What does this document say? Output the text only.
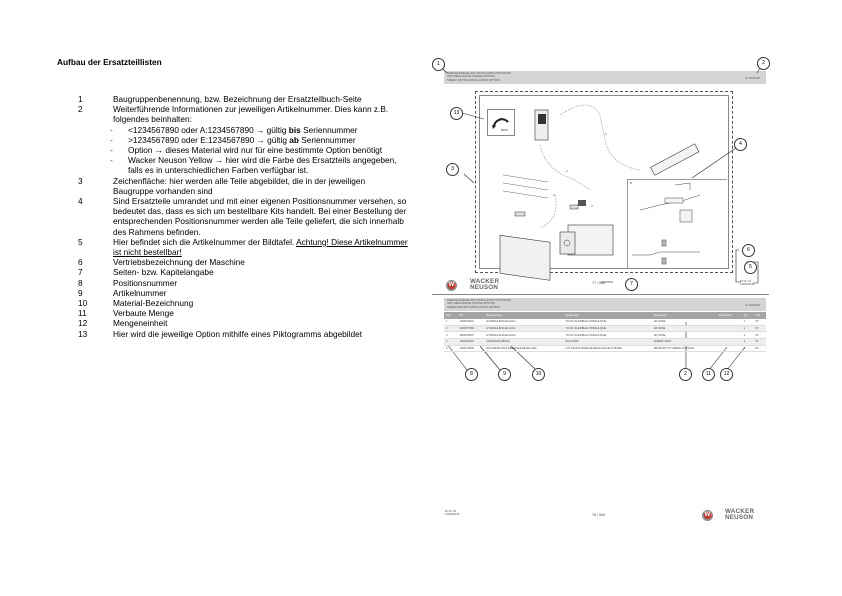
Aufbau der Ersatzteillisten
1	Baugruppenbenennung, bzw. Bezeichnung der Ersatzteilbuch-Seite
2	Weiterführende Informationen zur jeweiligen Artikelnummer. Dies kann z.B. folgendes beinhalten:
-	<1234567890 oder A:1234567890 → gültig bis Seriennummer
-	>1234567890 oder E:1234567890 → gültig ab Seriennummer
-	Option → dieses Material wird nur für eine bestimmte Option benötigt
-	Wacker Neuson Yellow → hier wird die Farbe des Ersatzteils angegeben, falls es in unterschiedlichen Farben verfügbar ist.
3	Zeichenfläche: hier werden alle Teile abgebildet, die in der jeweiligen Baugruppe vorhanden sind
4	Sind Ersatzteile umrandet und mit einer eigenen Positionsnummer versehen, so bedeutet das, dass es sich um bestellbare Kits handelt. Bei einer Bestellung der entsprechenden Positionsnummer werden alle Teile geliefert, die sich innerhalb des Rahmens befinden.
5	Hier befindet sich die Artikelnummer der Bildtafel. Achtung! Diese Artikelnummer ist nicht bestellbar!
6	Vertriebsbezeichnung der Maschine
7	Seiten- bzw. Kapitelangabe
8	Positionsnummer
9	Artikelnummer
10	Material-Bezeichnung
11	Verbaute Menge
12	Mengeneinheit
13	Hier wird die jeweilige Option mithilfe eines Piktogramms abgebildet
DREHZAHLREGELUNG INSTALLATION (OPTION)/SP
INST. REGLAGE DE VITESSE (OPTION)
SPEED CONTROL INSTALLATION (OPTION)
E: A008104
5
RPM
1
2
3
4
1	2
3
4
5
6
7
8	9	10	2	11	12
13
W	WACKER
NEUSON
77 / 540	ET16 / 01
1000269146
DREHZAHLREGELUNG INSTALLATION (OPTION)/SP
INST. REGLAGE DE VITESSE (OPTION)
SPEED CONTROL INSTALLATION (OPTION)
E: A008104
Pos.	No.	Bezeichnung	Désignation	Description	Information	Qty	Unit
1	1000079021	HYDRAULIKSCHLAUCH	TUYAU FLEXIBLE HYDRAULIQUE	HP HOSE		1	ST
2	1000077969	HYDRAULIKSCHLAUCH	TUYAU FLEXIBLE HYDRAULIQUE	HP HOSE		1	ST
3	1000079207	HYDRAULIKSCHLAUCH	TUYAU FLEXIBLE HYDRAULIQUE	HP HOSE		1	ST
4	1000015615	VERSCHRAUBUNG	RACCORD	SCREW JOINT		2	ST
5	1000175096	NACHRÜSTSATZ DREHZAHLREGELUNG	LOT DE RATTRAPAGE RÉGLAGE DE VITESSE	RETROFIT KIT SPEED CONTROL		1	ST
ET16 / 01
1000269146	78 / 540	W	WACKER
NEUSON
